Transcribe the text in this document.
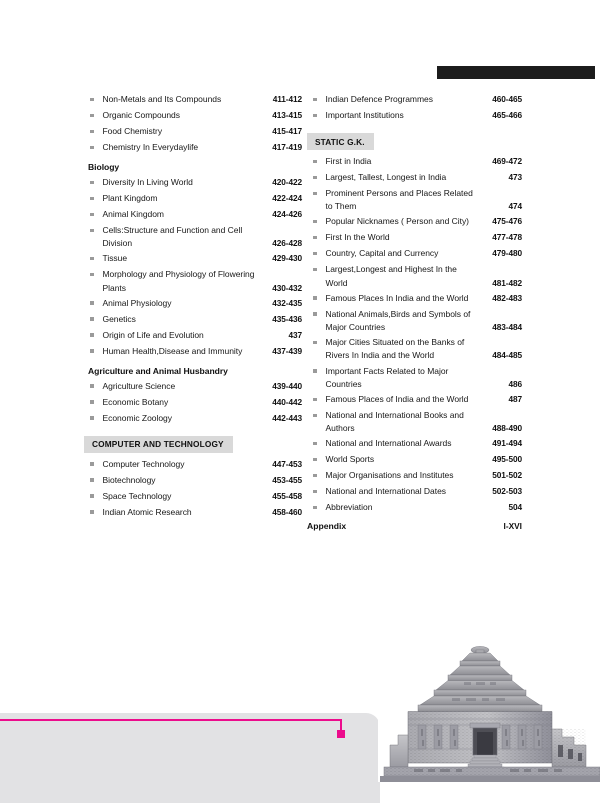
Non-Metals and Its Compounds	411-412
Organic Compounds	413-415
Food Chemistry	415-417
Chemistry In Everydaylife	417-419
Biology
Diversity In Living World	420-422
Plant Kingdom	422-424
Animal Kingdom	424-426
Cells:Structure and Function and Cell Division	426-428
Tissue	429-430
Morphology and Physiology of Flowering Plants	430-432
Animal Physiology	432-435
Genetics	435-436
Origin of Life and Evolution	437
Human Health,Disease and Immunity	437-439
Agriculture and Animal Husbandry
Agriculture Science	439-440
Economic Botany	440-442
Economic Zoology	442-443
COMPUTER AND TECHNOLOGY
Computer Technology	447-453
Biotechnology	453-455
Space Technology	455-458
Indian Atomic Research	458-460
Indian Defence Programmes	460-465
Important Institutions	465-466
STATIC G.K.
First in India	469-472
Largest, Tallest, Longest in India	473
Prominent Persons and Places Related to Them	474
Popular Nicknames ( Person and City)	475-476
First In the World	477-478
Country, Capital and Currency	479-480
Largest,Longest and Highest In the World	481-482
Famous Places In India and the World	482-483
National Animals,Birds and Symbols of Major Countries	483-484
Major Cities Situated on the Banks of Rivers In India and the World	484-485
Important Facts Related to Major Countries	486
Famous Places of India and the World	487
National and International Books and Authors	488-490
National and International Awards	491-494
World Sports	495-500
Major Organisations and Institutes	501-502
National and International Dates	502-503
Abbreviation	504
Appendix	I-XVI
